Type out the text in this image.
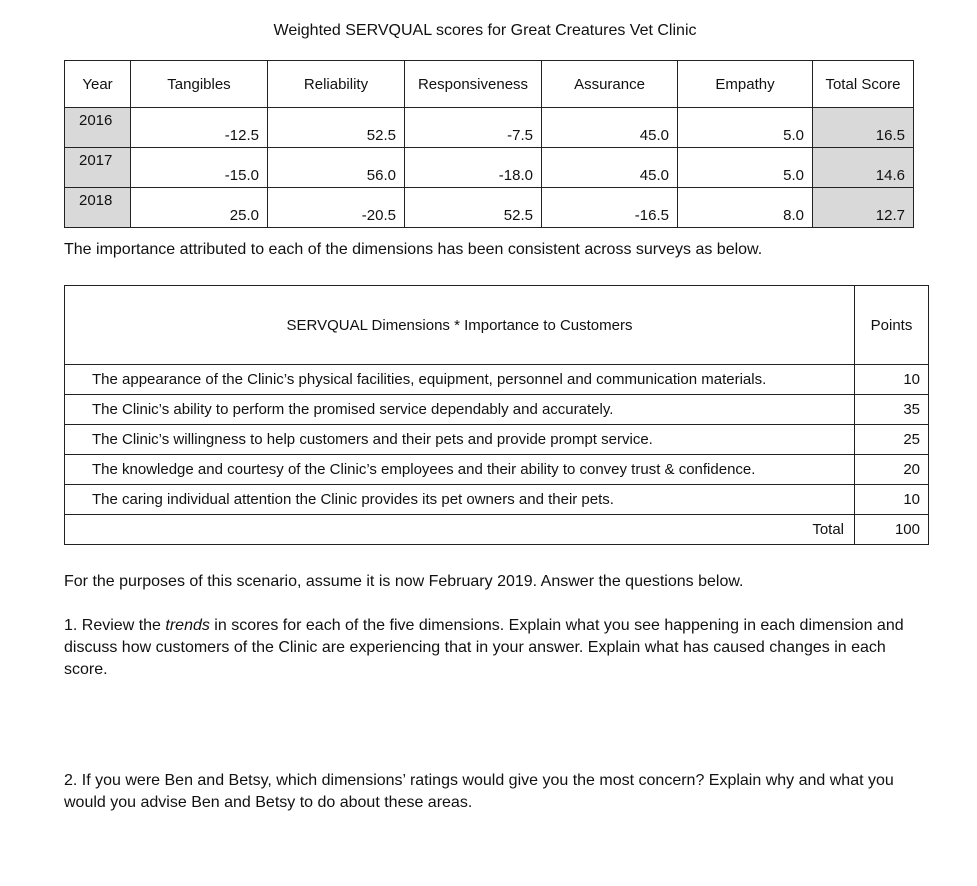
Weighted SERVQUAL scores for Great Creatures Vet Clinic
Year	Tangibles	Reliability	Responsiveness	Assurance	Empathy	Total Score
2016	-12.5	52.5	-7.5	45.0	5.0	16.5
2017	-15.0	56.0	-18.0	45.0	5.0	14.6
2018	25.0	-20.5	52.5	-16.5	8.0	12.7
The importance attributed to each of the dimensions has been consistent across surveys as below.
SERVQUAL Dimensions * Importance to Customers	Points
The appearance of the Clinic’s physical facilities, equipment, personnel and communication materials.	10
The Clinic’s ability to perform the promised service dependably and accurately.	35
The Clinic’s willingness to help customers and their pets and provide prompt service.	25
The knowledge and courtesy of the Clinic’s employees and their ability to convey trust & confidence.	20
The caring individual attention the Clinic provides its pet owners and their pets.	10
Total	100
For the purposes of this scenario, assume it is now February 2019. Answer the questions below.
1. Review the trends in scores for each of the five dimensions. Explain what you see happening in each dimension and discuss how customers of the Clinic are experiencing that in your answer. Explain what has caused changes in each score.
2. If you were Ben and Betsy, which dimensions’ ratings would give you the most concern? Explain why and what you would you advise Ben and Betsy to do about these areas.
